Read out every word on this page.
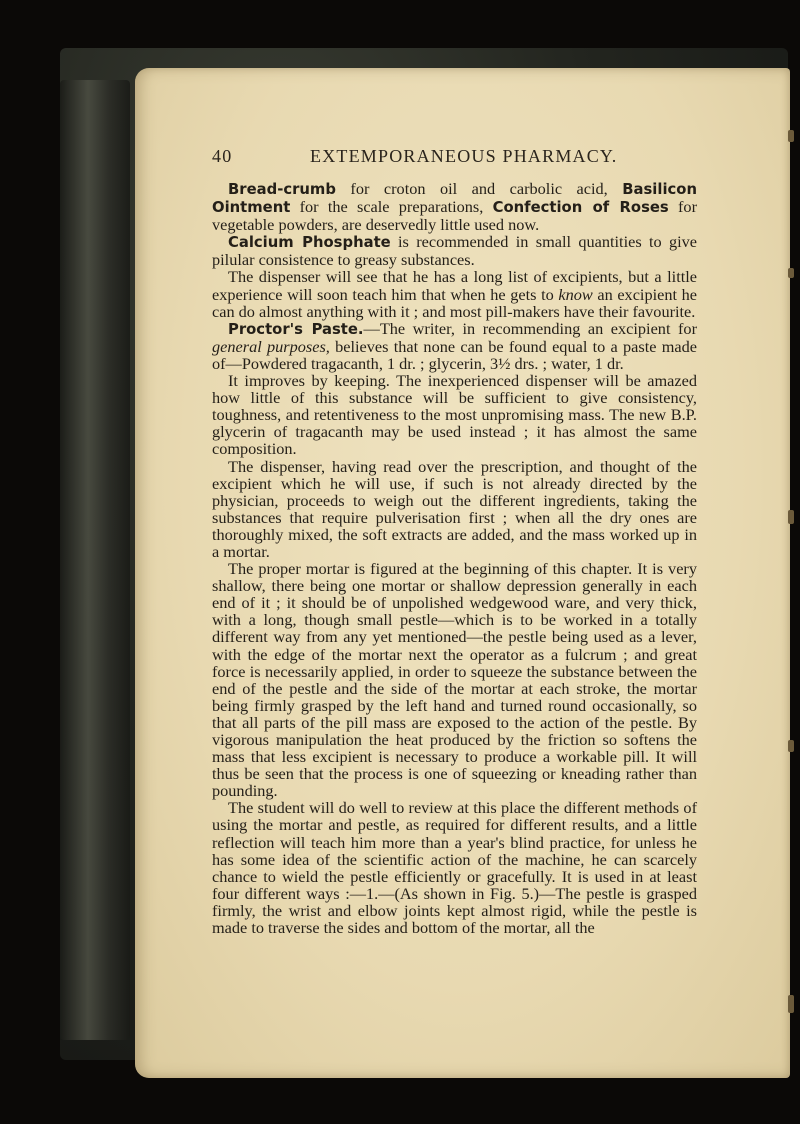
40	EXTEMPORANEOUS PHARMACY.

Bread-crumb for croton oil and carbolic acid, Basilicon Ointment for the scale preparations, Confection of Roses for vegetable powders, are deservedly little used now.

Calcium Phosphate is recommended in small quantities to give pilular consistence to greasy substances.

The dispenser will see that he has a long list of excipients, but a little experience will soon teach him that when he gets to know an excipient he can do almost anything with it ; and most pill-makers have their favourite.

Proctor's Paste.—The writer, in recommending an excipient for general purposes, believes that none can be found equal to a paste made of—Powdered tragacanth, 1 dr. ; glycerin, 3½ drs. ; water, 1 dr.

It improves by keeping. The inexperienced dispenser will be amazed how little of this substance will be sufficient to give consistency, toughness, and retentiveness to the most unpromising mass. The new B.P. glycerin of tragacanth may be used instead ; it has almost the same composition.

The dispenser, having read over the prescription, and thought of the excipient which he will use, if such is not already directed by the physician, proceeds to weigh out the different ingredients, taking the substances that require pulverisation first ; when all the dry ones are thoroughly mixed, the soft extracts are added, and the mass worked up in a mortar.

The proper mortar is figured at the beginning of this chapter. It is very shallow, there being one mortar or shallow depression generally in each end of it ; it should be of unpolished wedgewood ware, and very thick, with a long, though small pestle—which is to be worked in a totally different way from any yet mentioned—the pestle being used as a lever, with the edge of the mortar next the operator as a fulcrum ; and great force is necessarily applied, in order to squeeze the substance between the end of the pestle and the side of the mortar at each stroke, the mortar being firmly grasped by the left hand and turned round occasionally, so that all parts of the pill mass are exposed to the action of the pestle. By vigorous manipulation the heat produced by the friction so softens the mass that less excipient is necessary to produce a workable pill. It will thus be seen that the process is one of squeezing or kneading rather than pounding.

The student will do well to review at this place the different methods of using the mortar and pestle, as required for different results, and a little reflection will teach him more than a year's blind practice, for unless he has some idea of the scientific action of the machine, he can scarcely chance to wield the pestle efficiently or gracefully. It is used in at least four different ways :—1.—(As shown in Fig. 5.)—The pestle is grasped firmly, the wrist and elbow joints kept almost rigid, while the pestle is made to traverse the sides and bottom of the mortar, all the
